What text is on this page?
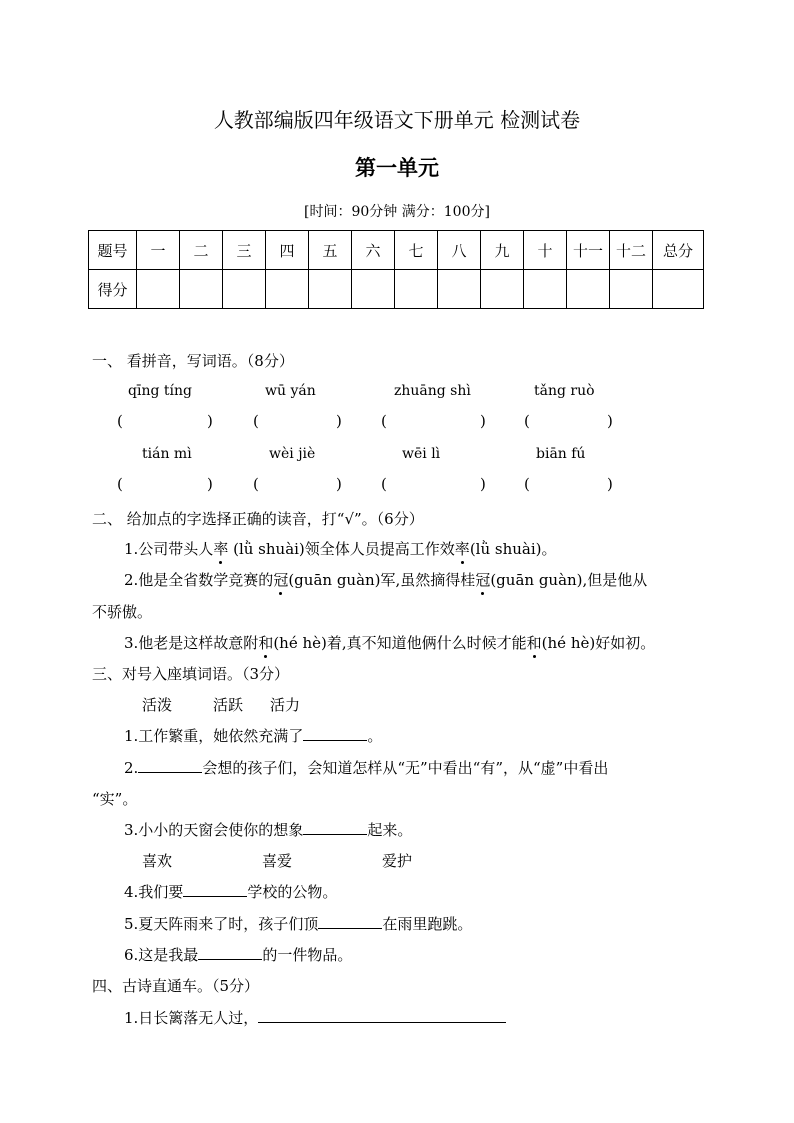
人教部编版四年级语文下册单元 检测试卷
第一单元
[时间：90分钟 满分：100分]
题号	一	二	三	四	五	六	七	八	九	十	十一	十二	总分
得分													
一、 看拼音，写词语。（8分）
qīng tíng	wū yán	zhuāng shì	tǎng ruò
(	)	(	)	(	)	(	)
tián mì	wèi jiè	wēi lì	biān fú
(	)	(	)	(	)	(	)
二、 给加点的字选择正确的读音，打“√”。（6分）
1.公司带头人率 (lǜ shuài)领全体人员提高工作效率(lǜ shuài)。
2.他是全省数学竞赛的冠(guān guàn)军,虽然摘得桂冠(guān guàn),但是他从
不骄傲。
3.他老是这样故意附和(hé hè)着,真不知道他俩什么时候才能和(hé hè)好如初。
三、对号入座填词语。（3分）
活泼	活跃 活力
1.工作繁重，她依然充满了	。
2.	会想的孩子们，会知道怎样从“无”中看出“有”，从“虚”中看出
“实”。
3.小小的天窗会使你的想象	起来。
喜欢	喜爱	爱护
4.我们要	学校的公物。
5.夏天阵雨来了时，孩子们顶	在雨里跑跳。
6.这是我最	的一件物品。
四、古诗直通车。（5分）
1.日长篱落无人过，
